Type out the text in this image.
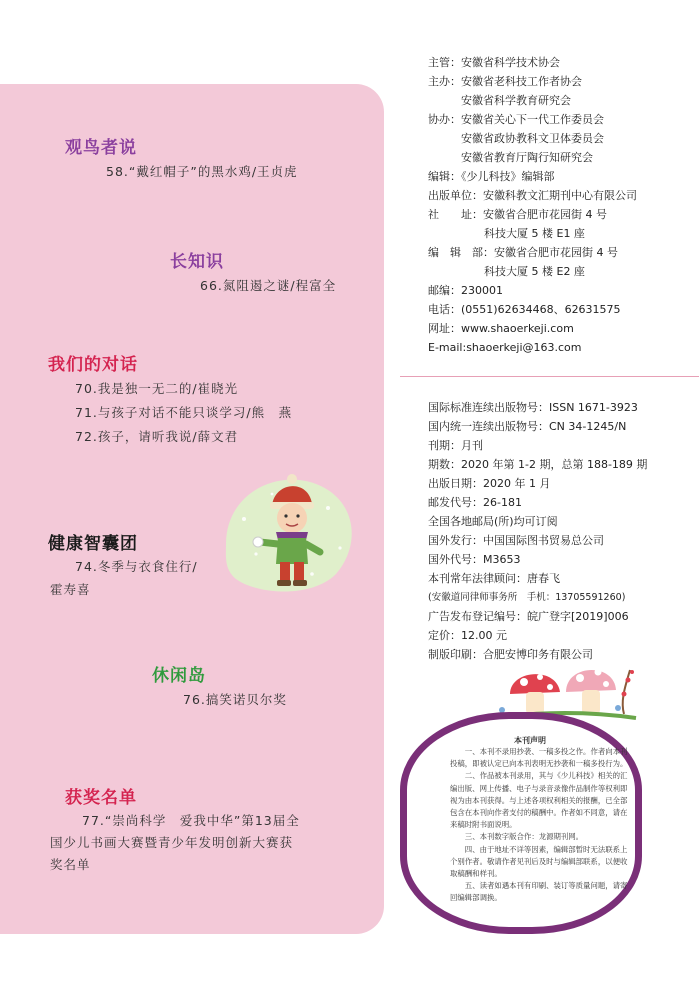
观鸟者说
58.“戴红帽子”的黑水鸡/王贞虎
长知识
66.氮阻遏之谜/程富全
我们的对话
70.我是独一无二的/崔晓光
71.与孩子对话不能只谈学习/熊　燕
72.孩子，请听我说/薛文君
健康智囊团
74.冬季与衣食住行/
霍寿喜
休闲岛
76.搞笑诺贝尔奖
获奖名单
77.“崇尚科学　爱我中华”第13届全国少儿书画大赛暨青少年发明创新大赛获奖名单
主管：安徽省科学技术协会
主办：安徽省老科技工作者协会
安徽省科学教育研究会
协办：安徽省关心下一代工作委员会
安徽省政协教科文卫体委员会
安徽省教育厅陶行知研究会
编辑：《少儿科技》编辑部
出版单位：安徽科教文汇期刊中心有限公司
社　　址：安徽省合肥市花园街 4 号
科技大厦 5 楼 E1 座
编　辑　部：安徽省合肥市花园街 4 号
科技大厦 5 楼 E2 座
邮编：230001
电话：(0551)62634468、62631575
网址：www.shaoerkeji.com
E-mail:shaoerkeji@163.com
国际标准连续出版物号：ISSN 1671-3923
国内统一连续出版物号：CN 34-1245/N
刊期：月刊
期数：2020 年第 1-2 期，总第 188-189 期
出版日期：2020 年 1 月
邮发代号：26-181
全国各地邮局(所)均可订阅
国外发行：中国国际图书贸易总公司
国外代号：M3653
本刊常年法律顾问：唐春飞
(安徽道同律师事务所　手机：13705591260)
广告发布登记编号：皖广登字[2019]006
定价：12.00 元
制版印刷：合肥安博印务有限公司
本刊声明

一、本刊不录用抄袭、一稿多投之作。作者向本刊投稿，即被认定已向本刊表明无抄袭和一稿多投行为。

二、作品被本刊录用，其与《少儿科技》相关的汇编出版、网上传播、电子与录音录像作品制作等权利即视为由本刊获得。与上述各项权利相关的报酬，已全部包含在本刊向作者支付的稿酬中。作者如不同意，请在来稿时附书面说明。

三、本刊数字版合作：龙源期刊网。

四、由于地址不详等因素，编辑部暂时无法联系上个别作者。敬请作者见刊后及时与编辑部联系，以便收取稿酬和样刊。

五、读者如遇本刊有印刷、装订等质量问题，请寄回编辑部调换。
